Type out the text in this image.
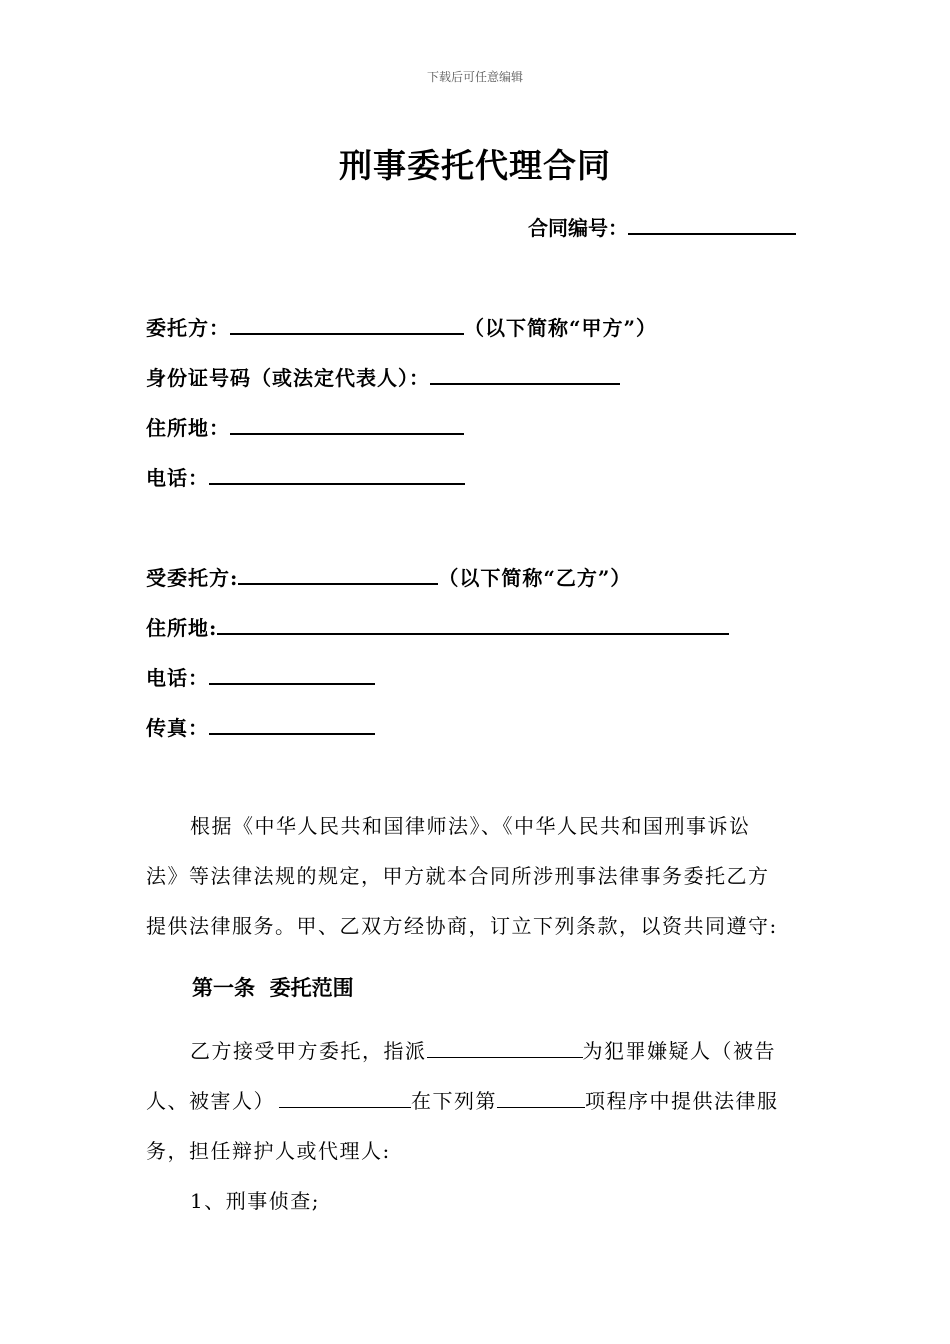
下载后可任意编辑
刑事委托代理合同
合同编号：
委托方：	（以下简称“甲方”）
身份证号码（或法定代表人）：
住所地：
电话：
受委托方:	（以下简称“乙方”）
住所地:
电话：
传真：
根据《中华人民共和国律师法》、《中华人民共和国刑事诉讼
法》等法律法规的规定，甲方就本合同所涉刑事法律事务委托乙方
提供法律服务。甲、乙双方经协商，订立下列条款，以资共同遵守:
第一条  委托范围
乙方接受甲方委托，指派	为犯罪嫌疑人（被告
人、被害人）	在下列第	项程序中提供法律服
务，担任辩护人或代理人:
1、刑事侦查;
